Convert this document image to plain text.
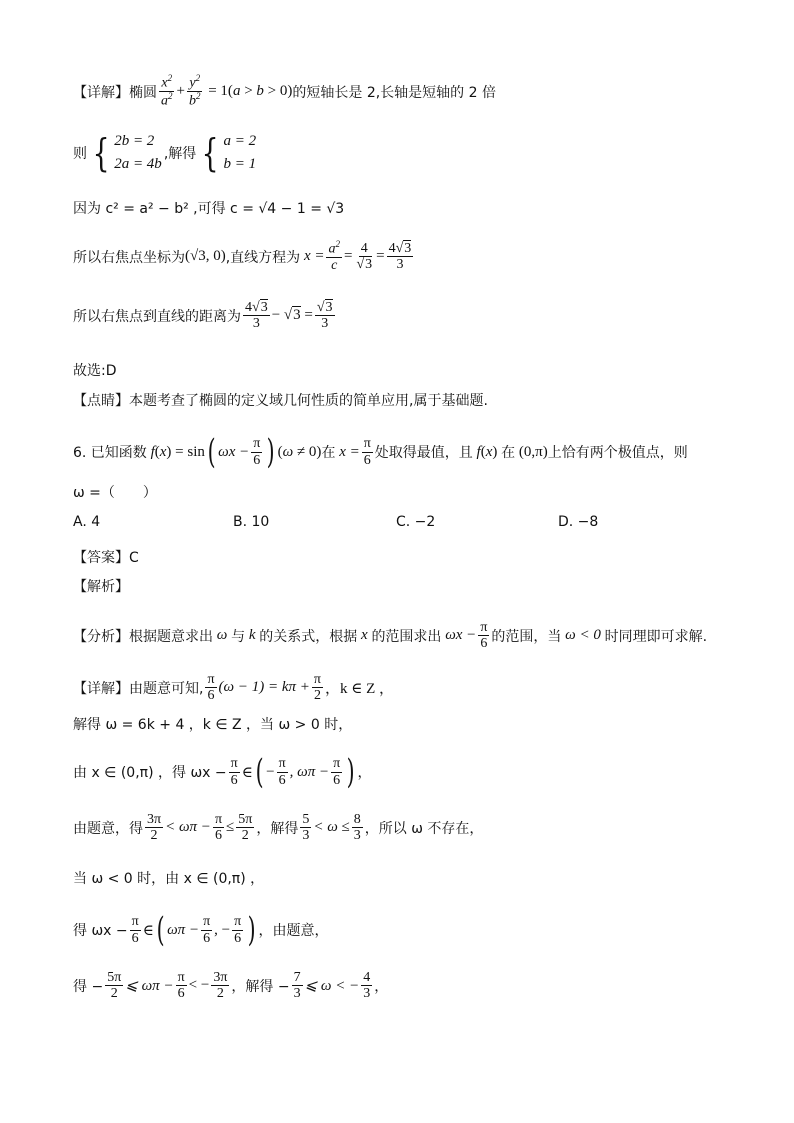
【详解】椭圆 $\frac{x^2}{a^2} + \frac{y^2}{b^2} = 1(a > b > 0)$ 的短轴长是 2,长轴是短轴的 2 倍
则 { 2b = 2
2a = 4b
,解得 { a = 2
b = 1
因为 c² = a² − b² ,可得 c = √4 − 1 = √3
所以右焦点坐标为 (√3, 0) ,直线方程为 $x = \frac{a^2}{c} = \frac{4}{√3} = \frac{4√3}{3}$
所以右焦点到直线的距离为 $\frac{4√3}{3} - √3 = \frac{√3}{3}$
故选:D
【点睛】本题考查了椭圆的定义域几何性质的简单应用,属于基础题.
6. 已知函数 f(x) = sin ( $\omega x - \frac{\pi}{6}$ ) (ω ≠ 0) 在 $x = \frac{\pi}{6}$ 处取得最值，且 f(x) 在 (0,π) 上恰有两个极值点，则
ω =（　　）
A. 4	B. 10	C. −2	D. −8
【答案】C
【解析】
【分析】根据题意求出 ω 与 k 的关系式，根据 x 的范围求出 $\omega x - \frac{\pi}{6}$ 的范围，当 ω < 0 时同理即可求解.
【详解】由题意可知, $\frac{\pi}{6} (\omega - 1) = k\pi + \frac{\pi}{2}$ ，k ∈ Z ，
解得 ω = 6k + 4 ，k ∈ Z ，当 ω > 0 时，
由 x ∈ (0,π) ，得 $\omega x - \frac{\pi}{6}$ ∈ ( − $\frac{\pi}{6}$ , $\omega\pi - \frac{\pi}{6}$ ) ，
由题意，得 $\frac{3\pi}{2} < \omega\pi - \frac{\pi}{6} \le \frac{5\pi}{2}$ ，解得 $\frac{5}{3} < \omega \le \frac{8}{3}$ ，所以 ω 不存在，
当 ω < 0 时，由 x ∈ (0,π) ，
得 $\omega x - \frac{\pi}{6}$ ∈ ( $\omega\pi - \frac{\pi}{6}$ , − $\frac{\pi}{6}$ ) ，由题意，
得 − $\frac{5\pi}{2}$ ⩽ $\omega\pi - \frac{\pi}{6}$ < − $\frac{3\pi}{2}$ ，解得 − $\frac{7}{3}$ ⩽ ω < − $\frac{4}{3}$ ，
